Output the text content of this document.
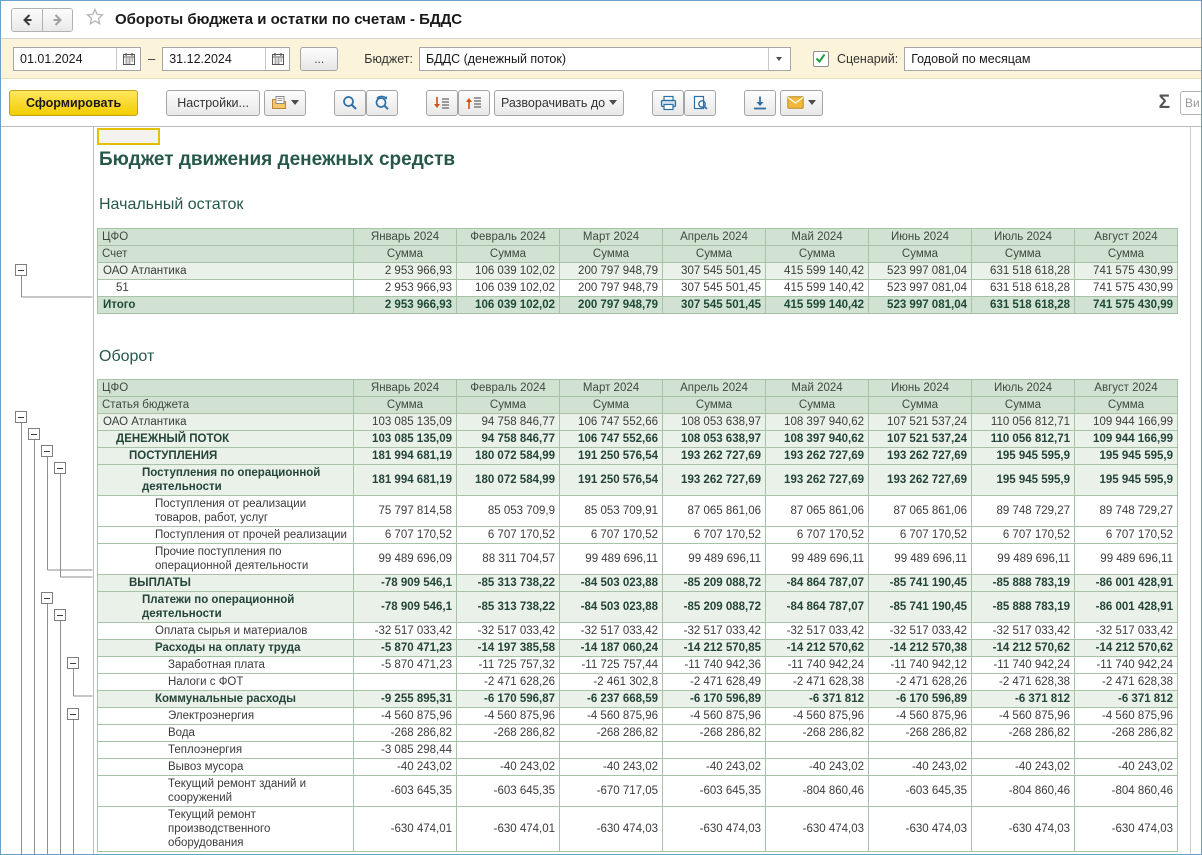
Обороты бюджета и остатки по счетам - БДДС
01.01.2024	–	31.12.2024	...	Бюджет:	БДДС (денежный поток)	Сценарий:	Годовой по месяцам
Сформировать	Настройки...	Разворачивать до	Σ	Ви
Бюджет движения денежных средств
Начальный остаток
ЦФО	Январь 2024	Февраль 2024	Март 2024	Апрель 2024	Май 2024	Июнь 2024	Июль 2024	Август 2024
Счет	Сумма	Сумма	Сумма	Сумма	Сумма	Сумма	Сумма	Сумма
ОАО Атлантика	2 953 966,93	106 039 102,02	200 797 948,79	307 545 501,45	415 599 140,42	523 997 081,04	631 518 618,28	741 575 430,99
51	2 953 966,93	106 039 102,02	200 797 948,79	307 545 501,45	415 599 140,42	523 997 081,04	631 518 618,28	741 575 430,99
Итого	2 953 966,93	106 039 102,02	200 797 948,79	307 545 501,45	415 599 140,42	523 997 081,04	631 518 618,28	741 575 430,99
Оборот
ЦФО	Январь 2024	Февраль 2024	Март 2024	Апрель 2024	Май 2024	Июнь 2024	Июль 2024	Август 2024
Статья бюджета	Сумма	Сумма	Сумма	Сумма	Сумма	Сумма	Сумма	Сумма
ОАО Атлантика	103 085 135,09	94 758 846,77	106 747 552,66	108 053 638,97	108 397 940,62	107 521 537,24	110 056 812,71	109 944 166,99
ДЕНЕЖНЫЙ ПОТОК	103 085 135,09	94 758 846,77	106 747 552,66	108 053 638,97	108 397 940,62	107 521 537,24	110 056 812,71	109 944 166,99
ПОСТУПЛЕНИЯ	181 994 681,19	180 072 584,99	191 250 576,54	193 262 727,69	193 262 727,69	193 262 727,69	195 945 595,9	195 945 595,9
Поступления по операционной деятельности	181 994 681,19	180 072 584,99	191 250 576,54	193 262 727,69	193 262 727,69	193 262 727,69	195 945 595,9	195 945 595,9
Поступления от реализации товаров, работ, услуг	75 797 814,58	85 053 709,9	85 053 709,91	87 065 861,06	87 065 861,06	87 065 861,06	89 748 729,27	89 748 729,27
Поступления от прочей реализации	6 707 170,52	6 707 170,52	6 707 170,52	6 707 170,52	6 707 170,52	6 707 170,52	6 707 170,52	6 707 170,52
Прочие поступления по операционной деятельности	99 489 696,09	88 311 704,57	99 489 696,11	99 489 696,11	99 489 696,11	99 489 696,11	99 489 696,11	99 489 696,11
ВЫПЛАТЫ	-78 909 546,1	-85 313 738,22	-84 503 023,88	-85 209 088,72	-84 864 787,07	-85 741 190,45	-85 888 783,19	-86 001 428,91
Платежи по операционной деятельности	-78 909 546,1	-85 313 738,22	-84 503 023,88	-85 209 088,72	-84 864 787,07	-85 741 190,45	-85 888 783,19	-86 001 428,91
Оплата сырья и материалов	-32 517 033,42	-32 517 033,42	-32 517 033,42	-32 517 033,42	-32 517 033,42	-32 517 033,42	-32 517 033,42	-32 517 033,42
Расходы на оплату труда	-5 870 471,23	-14 197 385,58	-14 187 060,24	-14 212 570,85	-14 212 570,62	-14 212 570,38	-14 212 570,62	-14 212 570,62
Заработная плата	-5 870 471,23	-11 725 757,32	-11 725 757,44	-11 740 942,36	-11 740 942,24	-11 740 942,12	-11 740 942,24	-11 740 942,24
Налоги с ФОТ		-2 471 628,26	-2 461 302,8	-2 471 628,49	-2 471 628,38	-2 471 628,26	-2 471 628,38	-2 471 628,38
Коммунальные расходы	-9 255 895,31	-6 170 596,87	-6 237 668,59	-6 170 596,89	-6 371 812	-6 170 596,89	-6 371 812	-6 371 812
Электроэнергия	-4 560 875,96	-4 560 875,96	-4 560 875,96	-4 560 875,96	-4 560 875,96	-4 560 875,96	-4 560 875,96	-4 560 875,96
Вода	-268 286,82	-268 286,82	-268 286,82	-268 286,82	-268 286,82	-268 286,82	-268 286,82	-268 286,82
Теплоэнергия	-3 085 298,44							
Вывоз мусора	-40 243,02	-40 243,02	-40 243,02	-40 243,02	-40 243,02	-40 243,02	-40 243,02	-40 243,02
Текущий ремонт зданий и сооружений	-603 645,35	-603 645,35	-670 717,05	-603 645,35	-804 860,46	-603 645,35	-804 860,46	-804 860,46
Текущий ремонт производственного оборудования	-630 474,01	-630 474,01	-630 474,03	-630 474,03	-630 474,03	-630 474,03	-630 474,03	-630 474,03
